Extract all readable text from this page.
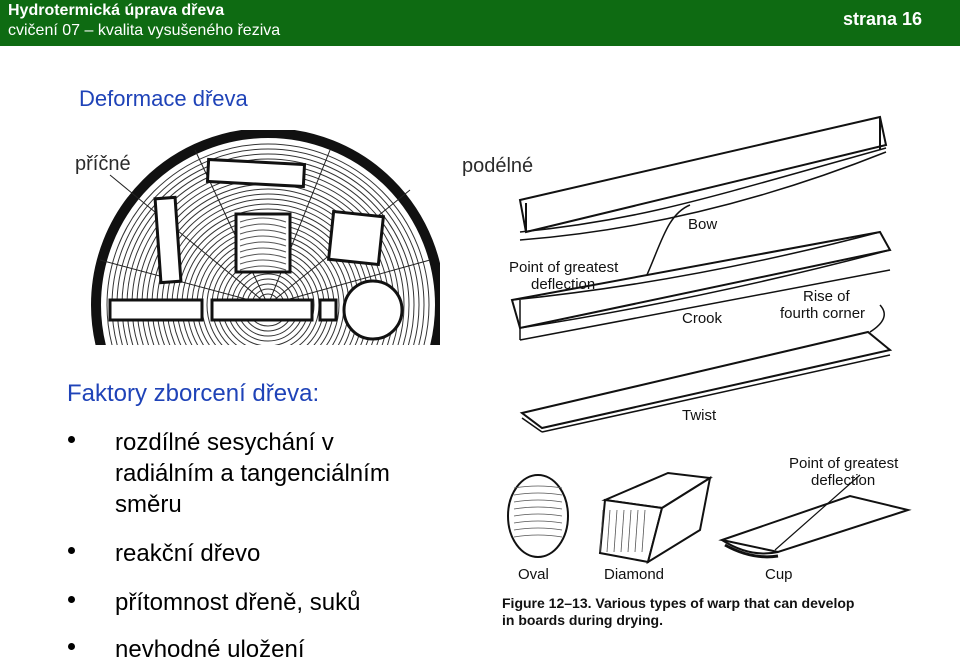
Hydrotermická úprava dřeva
cvičení 07 – kvalita vysušeného řeziva
strana 16
Deformace dřeva
příčné	podélné
Bow
Point of greatest
deflection
Crook
Rise of
fourth corner
Twist
Point of greatest
deflection
Oval	Diamond	Cup
Figure 12–13. Various types of warp that can develop
in boards during drying.
Faktory zborcení dřeva:
rozdílné sesychání v
radiálním a tangenciálním
směru
reakční dřevo
přítomnost dřeně, suků
nevhodné uložení
